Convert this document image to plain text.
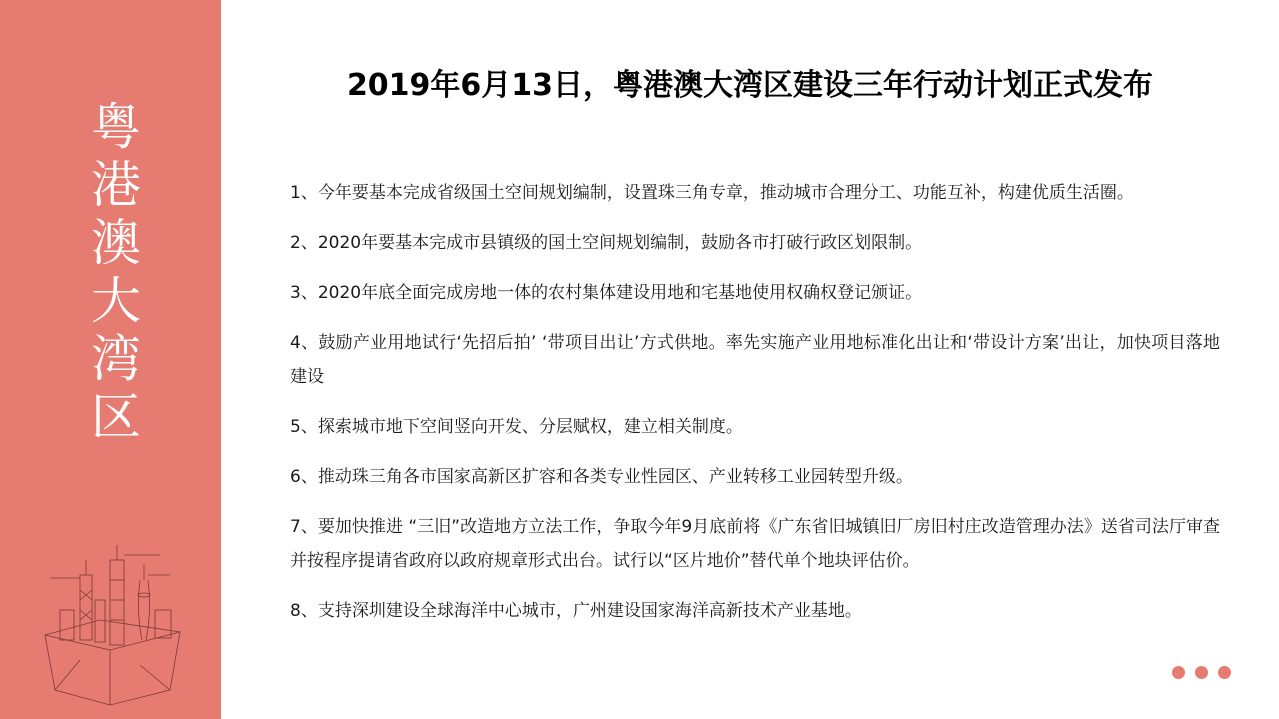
粤
港
澳
大
湾
区
2019年6月13日，粤港澳大湾区建设三年行动计划正式发布

1、今年要基本完成省级国土空间规划编制，设置珠三角专章，推动城市合理分工、功能互补，构建优质生活圈。

2、2020年要基本完成市县镇级的国土空间规划编制，鼓励各市打破行政区划限制。

3、2020年底全面完成房地一体的农村集体建设用地和宅基地使用权确权登记颁证。

4、鼓励产业用地试行‘先招后拍’ ‘带项目出让’方式供地。率先实施产业用地标准化出让和‘带设计方案’出让，加快项目落地建设

5、探索城市地下空间竖向开发、分层赋权，建立相关制度。

6、推动珠三角各市国家高新区扩容和各类专业性园区、产业转移工业园转型升级。

7、要加快推进 “三旧”改造地方立法工作，争取今年9月底前将《广东省旧城镇旧厂房旧村庄改造管理办法》送省司法厅审查并按程序提请省政府以政府规章形式出台。试行以“区片地价”替代单个地块评估价。

8、支持深圳建设全球海洋中心城市，广州建设国家海洋高新技术产业基地。
